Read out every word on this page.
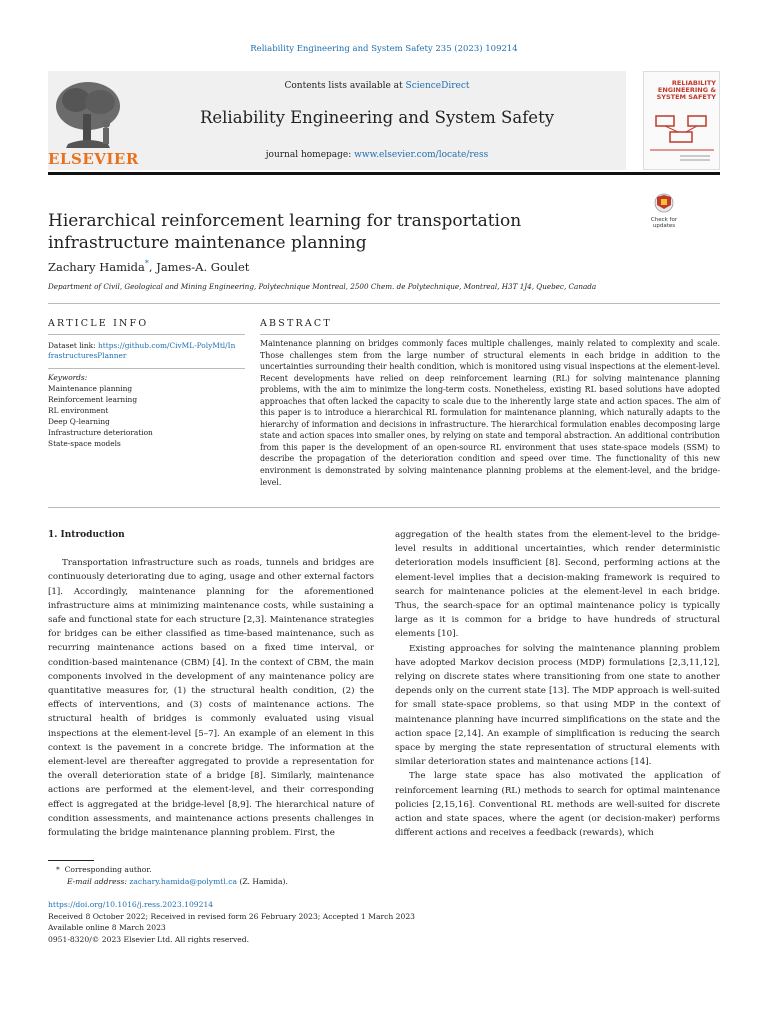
Reliability Engineering and System Safety 235 (2023) 109214
ELSEVIER
Contents lists available at ScienceDirect
Reliability Engineering and System Safety
journal homepage: www.elsevier.com/locate/ress
RELIABILITY ENGINEERING & SYSTEM SAFETY
Hierarchical reinforcement learning for transportation infrastructure maintenance planning
Zachary Hamida*, James-A. Goulet
Department of Civil, Geological and Mining Engineering, Polytechnique Montreal, 2500 Chem. de Polytechnique, Montreal, H3T 1J4, Quebec, Canada
Check for
updates
ARTICLE INFO
Dataset link: https://github.com/CivML-PolyMtl/InfrastructuresPlanner
Keywords:
Maintenance planning
Reinforcement learning
RL environment
Deep Q-learning
Infrastructure deterioration
State-space models
ABSTRACT
Maintenance planning on bridges commonly faces multiple challenges, mainly related to complexity and scale. Those challenges stem from the large number of structural elements in each bridge in addition to the uncertainties surrounding their health condition, which is monitored using visual inspections at the element-level. Recent developments have relied on deep reinforcement learning (RL) for solving maintenance planning problems, with the aim to minimize the long-term costs. Nonetheless, existing RL based solutions have adopted approaches that often lacked the capacity to scale due to the inherently large state and action spaces. The aim of this paper is to introduce a hierarchical RL formulation for maintenance planning, which naturally adapts to the hierarchy of information and decisions in infrastructure. The hierarchical formulation enables decomposing large state and action spaces into smaller ones, by relying on state and temporal abstraction. An additional contribution from this paper is the development of an open-source RL environment that uses state-space models (SSM) to describe the propagation of the deterioration condition and speed over time. The functionality of this new environment is demonstrated by solving maintenance planning problems at the element-level, and the bridge-level.

1. Introduction

Transportation infrastructure such as roads, tunnels and bridges are continuously deteriorating due to aging, usage and other external factors [1]. Accordingly, maintenance planning for the aforementioned infrastructure aims at minimizing maintenance costs, while sustaining a safe and functional state for each structure [2,3]. Maintenance strategies for bridges can be either classified as time-based maintenance, such as recurring maintenance actions based on a fixed time interval, or condition-based maintenance (CBM) [4]. In the context of CBM, the main components involved in the development of any maintenance policy are quantitative measures for, (1) the structural health condition, (2) the effects of interventions, and (3) costs of maintenance actions. The structural health of bridges is commonly evaluated using visual inspections at the element-level [5–7]. An example of an element in this context is the pavement in a concrete bridge. The information at the element-level are thereafter aggregated to provide a representation for the overall deterioration state of a bridge [8]. Similarly, maintenance actions are performed at the element-level, and their corresponding effect is aggregated at the bridge-level [8,9]. The hierarchical nature of condition assessments, and maintenance actions presents challenges in formulating the bridge maintenance planning problem. First, the

aggregation of the health states from the element-level to the bridge-level results in additional uncertainties, which render deterministic deterioration models insufficient [8]. Second, performing actions at the element-level implies that a decision-making framework is required to search for maintenance policies at the element-level in each bridge. Thus, the search-space for an optimal maintenance policy is typically large as it is common for a bridge to have hundreds of structural elements [10].

Existing approaches for solving the maintenance planning problem have adopted Markov decision process (MDP) formulations [2,3,11,12], relying on discrete states where transitioning from one state to another depends only on the current state [13]. The MDP approach is well-suited for small state-space problems, so that using MDP in the context of maintenance planning have incurred simplifications on the state and the action space [2,14]. An example of simplification is reducing the search space by merging the state representation of structural elements with similar deterioration states and maintenance actions [14].

The large state space has also motivated the application of reinforcement learning (RL) methods to search for optimal maintenance policies [2,15,16]. Conventional RL methods are well-suited for discrete action and state spaces, where the agent (or decision-maker) performs different actions and receives a feedback (rewards), which

* Corresponding author.
E-mail address: zachary.hamida@polymtl.ca (Z. Hamida).
https://doi.org/10.1016/j.ress.2023.109214
Received 8 October 2022; Received in revised form 26 February 2023; Accepted 1 March 2023
Available online 8 March 2023
0951-8320/© 2023 Elsevier Ltd. All rights reserved.
